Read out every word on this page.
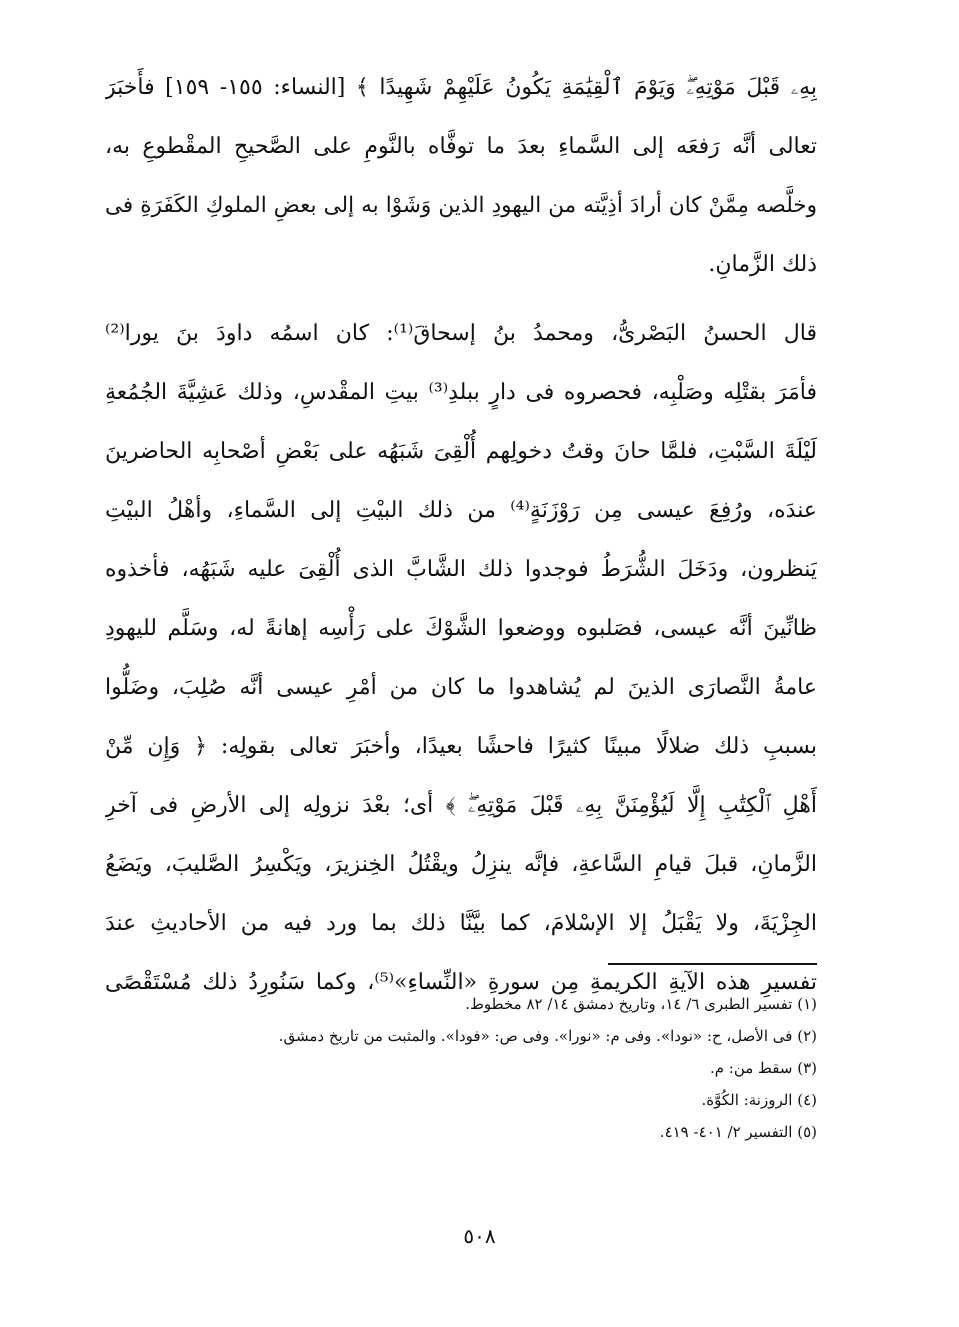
بِهِۦ قَبْلَ مَوْتِهِۦۖ وَيَوْمَ ٱلْقِيَٰمَةِ يَكُونُ عَلَيْهِمْ شَهِيدًا ﴾ [النساء: ١٥٥- ١٥٩] فأَخبَرَ
تعالى أنَّه رَفعَه إلى السَّماءِ بعدَ ما توفَّاه بالنَّومِ على الصَّحيحِ المقْطوعِ به،
وخلَّصه مِمَّنْ كان أرادَ أذِيَّته من اليهودِ الذين وَشَوْا به إلى بعضِ الملوكِ الكَفَرَةِ فى
ذلك الزَّمانِ.
قال الحسنُ البَصْرىُّ، ومحمدُ بنُ إسحاقَ⁽¹⁾: كان اسمُه داودَ بنَ يورا⁽²⁾
فأمَرَ بقتْلِه وصَلْبِه، فحصروه فى دارٍ ببلدِ⁽³⁾ بيتِ المقْدسِ، وذلك عَشِيَّةَ الجُمُعةِ
لَيْلَةَ السَّبْتِ، فلمَّا حانَ وقتُ دخولِهم أُلْقِىَ شَبَهُه على بَعْضِ أصْحابِه الحاضرينَ
عندَه، ورُفِعَ عيسى مِن رَوْزَنَةٍ⁽⁴⁾ من ذلك البيْتِ إلى السَّماءِ، وأهْلُ البيْتِ
يَنظرون، ودَخَلَ الشُّرَطُ فوجدوا ذلك الشَّابَّ الذى أُلْقِىَ عليه شَبَهُه، فأخذوه
ظانِّينَ أنَّه عيسى، فصَلبوه ووضعوا الشَّوْكَ على رَأْسِه إهانةً له، وسَلَّم لليهودِ
عامةُ النَّصارَى الذينَ لم يُشاهدوا ما كان من أمْرِ عيسى أنَّه صُلِبَ، وضَلُّوا
بسببِ ذلك ضلالًا مبينًا كثيرًا فاحشًا بعيدًا، وأخبَرَ تعالى بقولِه: ﴿ وَإِن مِّنْ
أَهْلِ ٱلْكِتَٰبِ إِلَّا لَيُؤْمِنَنَّ بِهِۦ قَبْلَ مَوْتِهِۦۖ ﴾ أى؛ بعْدَ نزولِه إلى الأرضِ فى آخرِ
الزَّمانِ، قبلَ قيامِ السَّاعةِ، فإنَّه ينزِلُ ويقْتُلُ الخِنزيرَ، ويَكْسِرُ الصَّليبَ، ويَضَعُ
الجِزْيَةَ، ولا يَقْبَلُ إلا الإسْلامَ، كما بيَّنَّا ذلك بما ورد فيه من الأحاديثِ عندَ
تفسيرِ هذه الآيةِ الكريمةِ مِن سورةِ «النِّساءِ»⁽⁵⁾، وكما سَنُورِدُ ذلك مُسْتَقْصًى
(١) تفسير الطبرى ٦/ ١٤، وتاريخ دمشق ١٤/ ٨٢ مخطوط.
(٢) فى الأصل، ح: «نودا». وفى م: «نورا». وفى ص: «فودا». والمثبت من تاريخ دمشق.
(٣) سقط من: م.
(٤) الروزنة: الكُوَّة.
(٥) التفسير ٢/ ٤٠١- ٤١٩.
٥٠٨
